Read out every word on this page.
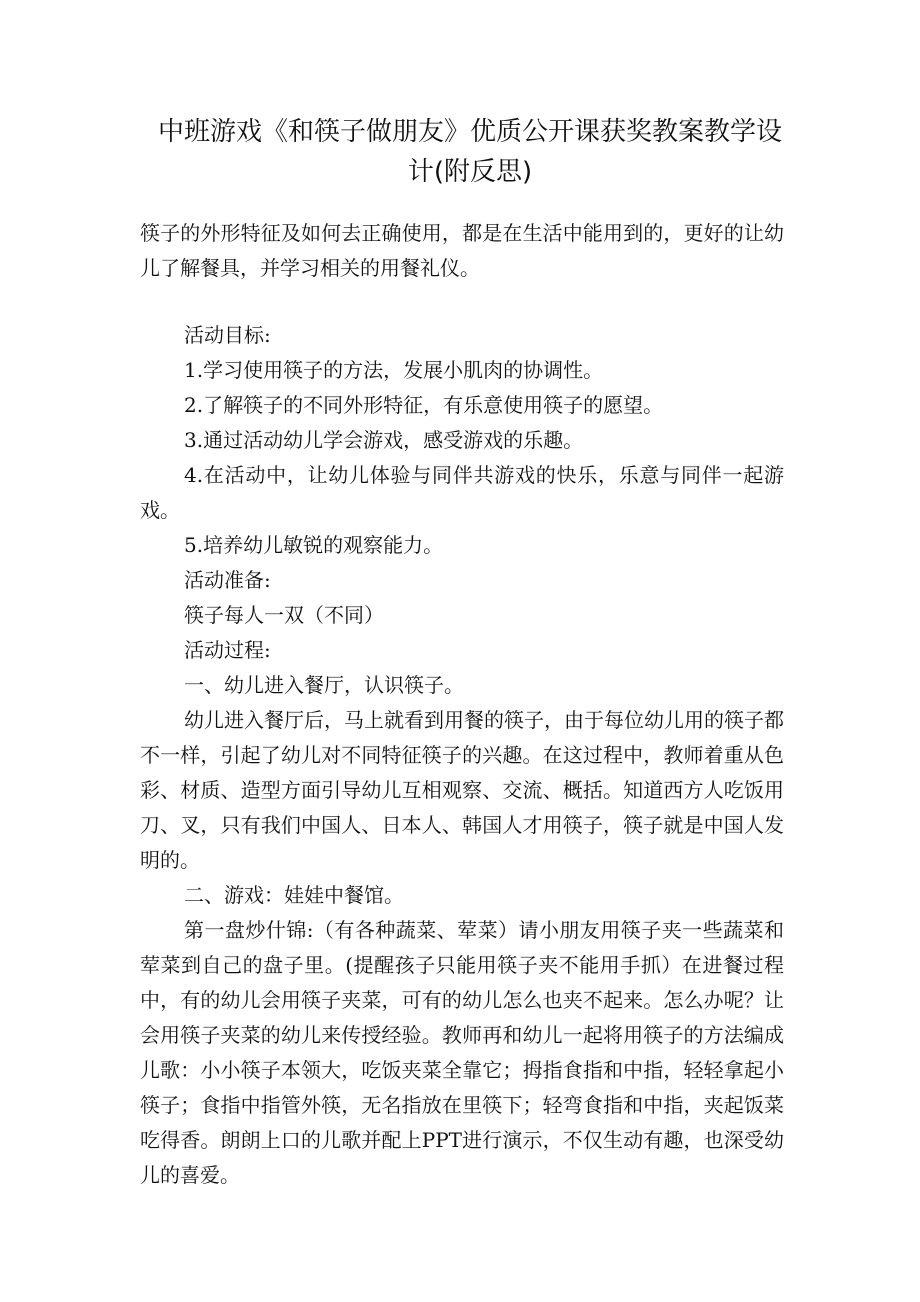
中班游戏《和筷子做朋友》优质公开课获奖教案教学设
计(附反思)

筷子的外形特征及如何去正确使用，都是在生活中能用到的，更好的让幼儿了解餐具，并学习相关的用餐礼仪。

活动目标:

1.学习使用筷子的方法，发展小肌肉的协调性。

2.了解筷子的不同外形特征，有乐意使用筷子的愿望。

3.通过活动幼儿学会游戏，感受游戏的乐趣。

4.在活动中，让幼儿体验与同伴共游戏的快乐，乐意与同伴一起游戏。

5.培养幼儿敏锐的观察能力。

活动准备:

筷子每人一双（不同）

活动过程:

一、幼儿进入餐厅，认识筷子。

幼儿进入餐厅后，马上就看到用餐的筷子，由于每位幼儿用的筷子都不一样，引起了幼儿对不同特征筷子的兴趣。在这过程中，教师着重从色彩、材质、造型方面引导幼儿互相观察、交流、概括。知道西方人吃饭用刀、叉，只有我们中国人、日本人、韩国人才用筷子，筷子就是中国人发明的。

二、游戏：娃娃中餐馆。

第一盘炒什锦:（有各种蔬菜、荤菜）请小朋友用筷子夹一些蔬菜和荤菜到自己的盘子里。(提醒孩子只能用筷子夹不能用手抓）在进餐过程中，有的幼儿会用筷子夹菜，可有的幼儿怎么也夹不起来。怎么办呢？让会用筷子夹菜的幼儿来传授经验。教师再和幼儿一起将用筷子的方法编成儿歌：小小筷子本领大，吃饭夹菜全靠它；拇指食指和中指，轻轻拿起小筷子；食指中指管外筷，无名指放在里筷下；轻弯食指和中指，夹起饭菜吃得香。朗朗上口的儿歌并配上PPT进行演示，不仅生动有趣，也深受幼儿的喜爱。
